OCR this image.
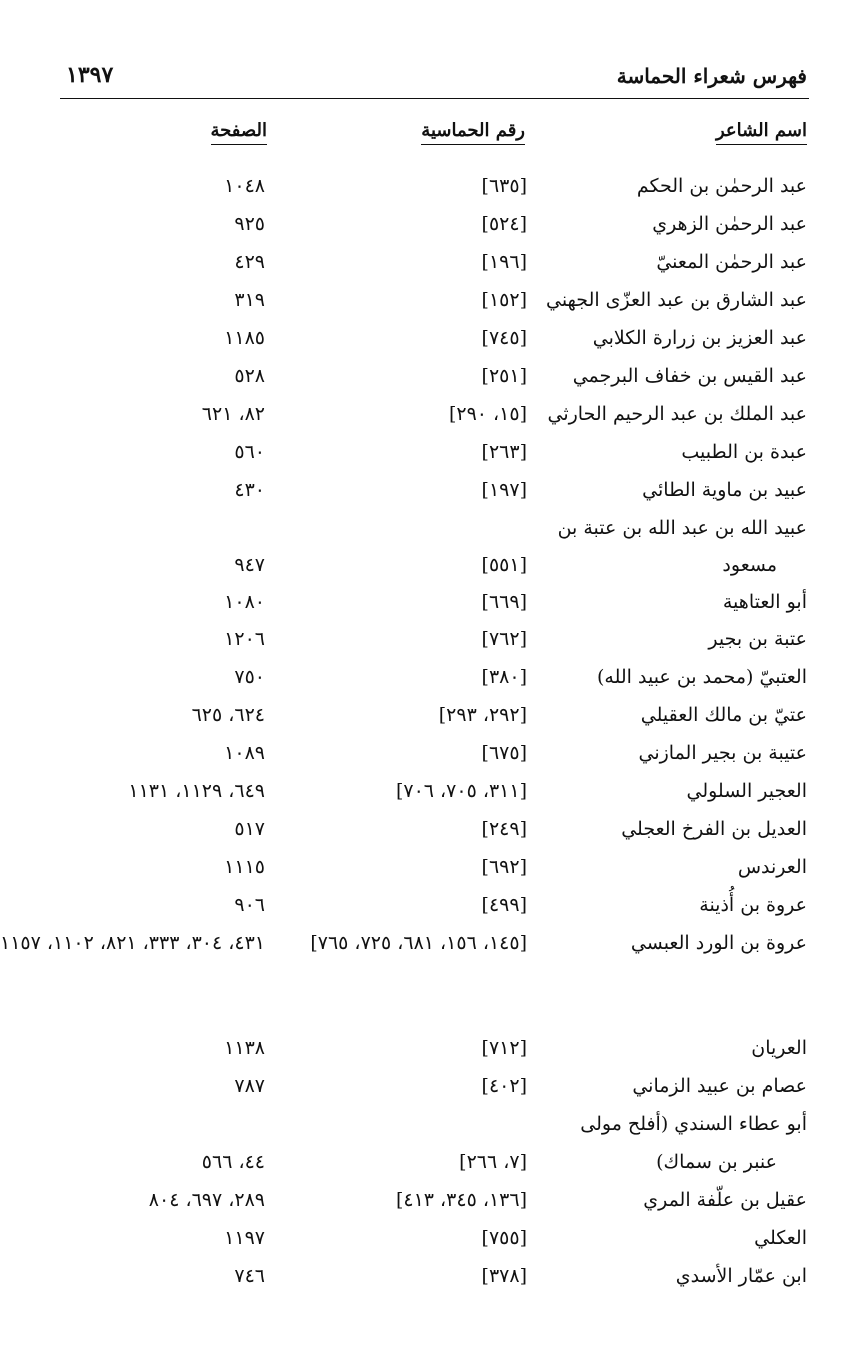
فهرس شعراء الحماسة
١٣٩٧
اسم الشاعر
رقم الحماسية
الصفحة
عبد الرحمٰن بن الحكم
[٦٣٥]
١٠٤٨
عبد الرحمٰن الزهري
[٥٢٤]
٩٢٥
عبد الرحمٰن المعنيّ
[١٩٦]
٤٢٩
عبد الشارق بن عبد العزّى الجهني
[١٥٢]
٣١٩
عبد العزيز بن زرارة الكلابي
[٧٤٥]
١١٨٥
عبد القيس بن خفاف البرجمي
[٢٥١]
٥٢٨
عبد الملك بن عبد الرحيم الحارثي
[١٥، ٢٩٠]
٨٢، ٦٢١
عبدة بن الطبيب
[٢٦٣]
٥٦٠
عبيد بن ماوية الطائي
[١٩٧]
٤٣٠
عبيد الله بن عبد الله بن عتبة بن
مسعود
[٥٥١]
٩٤٧
أبو العتاهية
[٦٦٩]
١٠٨٠
عتبة بن بجير
[٧٦٢]
١٢٠٦
العتبيّ (محمد بن عبيد الله)
[٣٨٠]
٧٥٠
عتيّ بن مالك العقيلي
[٢٩٢، ٢٩٣]
٦٢٤، ٦٢٥
عتيبة بن بجير المازني
[٦٧٥]
١٠٨٩
العجير السلولي
[٣١١، ٧٠٥، ٧٠٦]
٦٤٩، ١١٢٩، ١١٣١
العديل بن الفرخ العجلي
[٢٤٩]
٥١٧
العرندس
[٦٩٢]
١١١٥
عروة بن أُذينة
[٤٩٩]
٩٠٦
عروة بن الورد العبسي
[١٤٥، ١٥٦، ٦٨١، ٧٢٥، ٧٦٥]
٤٣١، ٣٠٤، ٣٣٣، ٨٢١، ١١٠٢، ١١٥٧
العريان
[٧١٢]
١١٣٨
عصام بن عبيد الزماني
[٤٠٢]
٧٨٧
أبو عطاء السندي (أفلح مولى
عنبر بن سماك)
[٧، ٢٦٦]
٤٤، ٥٦٦
عقيل بن علّفة المري
[١٣٦، ٣٤٥، ٤١٣]
٢٨٩، ٦٩٧، ٨٠٤
العكلي
[٧٥٥]
١١٩٧
ابن عمّار الأسدي
[٣٧٨]
٧٤٦
